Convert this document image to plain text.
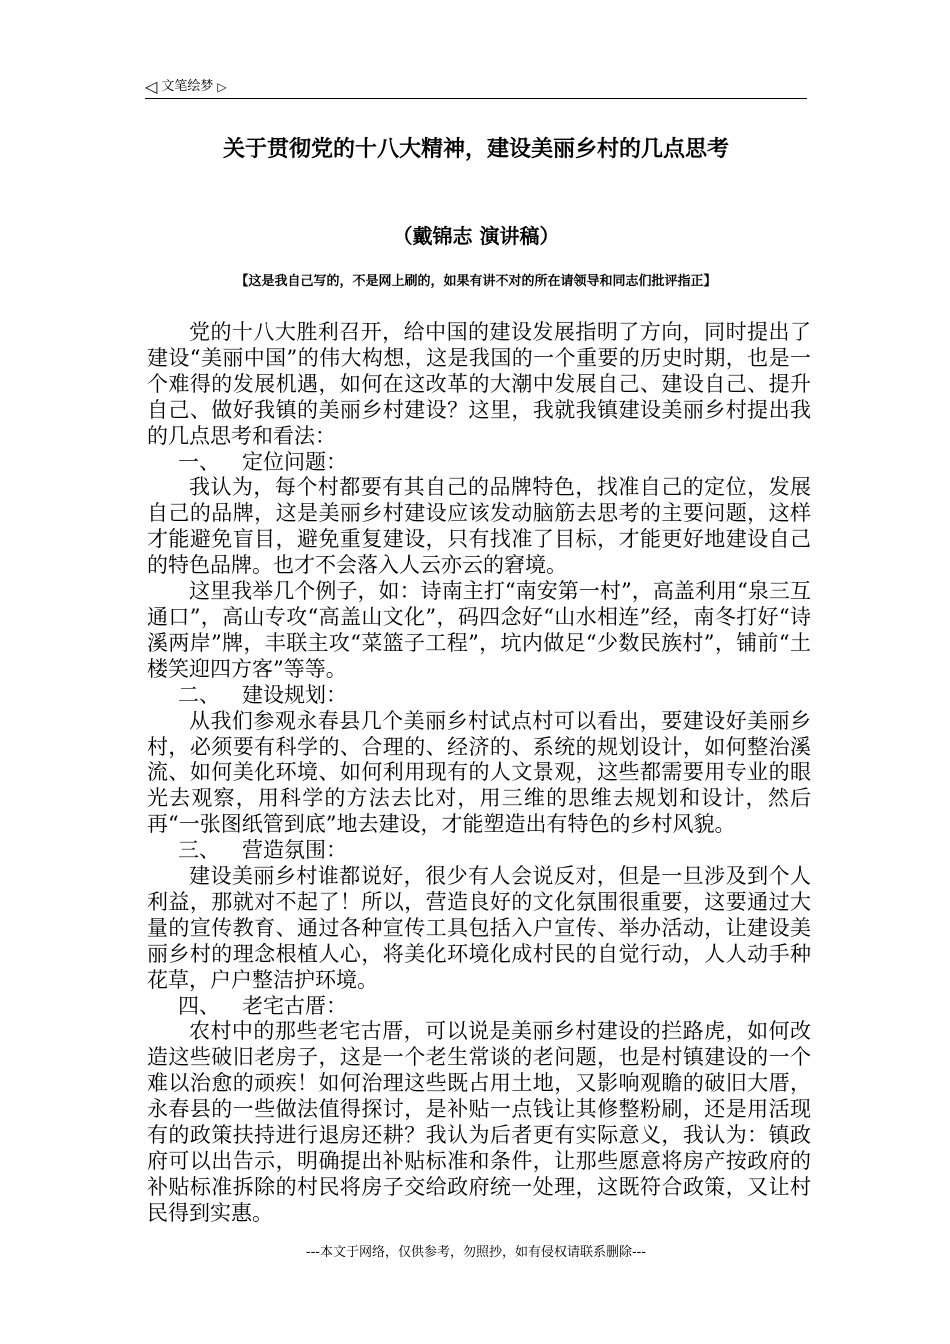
◁ 文笔绘梦 ▷
关于贯彻党的十八大精神，建设美丽乡村的几点思考
（戴锦志 演讲稿）
【这是我自己写的，不是网上刷的，如果有讲不对的所在请领导和同志们批评指正】

党的十八大胜利召开，给中国的建设发展指明了方向，同时提出了建设“美丽中国”的伟大构想，这是我国的一个重要的历史时期，也是一个难得的发展机遇，如何在这改革的大潮中发展自己、建设自己、提升自己、做好我镇的美丽乡村建设？这里，我就我镇建设美丽乡村提出我的几点思考和看法：

一、	定位问题：

我认为，每个村都要有其自己的品牌特色，找准自己的定位，发展自己的品牌，这是美丽乡村建设应该发动脑筋去思考的主要问题，这样才能避免盲目，避免重复建设，只有找准了目标，才能更好地建设自己的特色品牌。也才不会落入人云亦云的窘境。

这里我举几个例子，如：诗南主打“南安第一村”，高盖利用“泉三互通口”，高山专攻“高盖山文化”，码四念好“山水相连”经，南冬打好“诗溪两岸”牌，丰联主攻“菜篮子工程”，坑内做足“少数民族村”，铺前“土楼笑迎四方客”等等。

二、	建设规划：

从我们参观永春县几个美丽乡村试点村可以看出，要建设好美丽乡村，必须要有科学的、合理的、经济的、系统的规划设计，如何整治溪流、如何美化环境、如何利用现有的人文景观，这些都需要用专业的眼光去观察，用科学的方法去比对，用三维的思维去规划和设计，然后再“一张图纸管到底”地去建设，才能塑造出有特色的乡村风貌。

三、	营造氛围：

建设美丽乡村谁都说好，很少有人会说反对，但是一旦涉及到个人利益，那就对不起了！所以，营造良好的文化氛围很重要，这要通过大量的宣传教育、通过各种宣传工具包括入户宣传、举办活动，让建设美丽乡村的理念根植人心，将美化环境化成村民的自觉行动，人人动手种花草，户户整洁护环境。

四、	老宅古厝：

农村中的那些老宅古厝，可以说是美丽乡村建设的拦路虎，如何改造这些破旧老房子，这是一个老生常谈的老问题，也是村镇建设的一个难以治愈的顽疾！如何治理这些既占用土地，又影响观瞻的破旧大厝，永春县的一些做法值得探讨，是补贴一点钱让其修整粉刷，还是用活现有的政策扶持进行退房还耕？我认为后者更有实际意义，我认为：镇政府可以出告示，明确提出补贴标准和条件，让那些愿意将房产按政府的补贴标准拆除的村民将房子交给政府统一处理，这既符合政策，又让村民得到实惠。

---本文于网络，仅供参考，勿照抄，如有侵权请联系删除---
